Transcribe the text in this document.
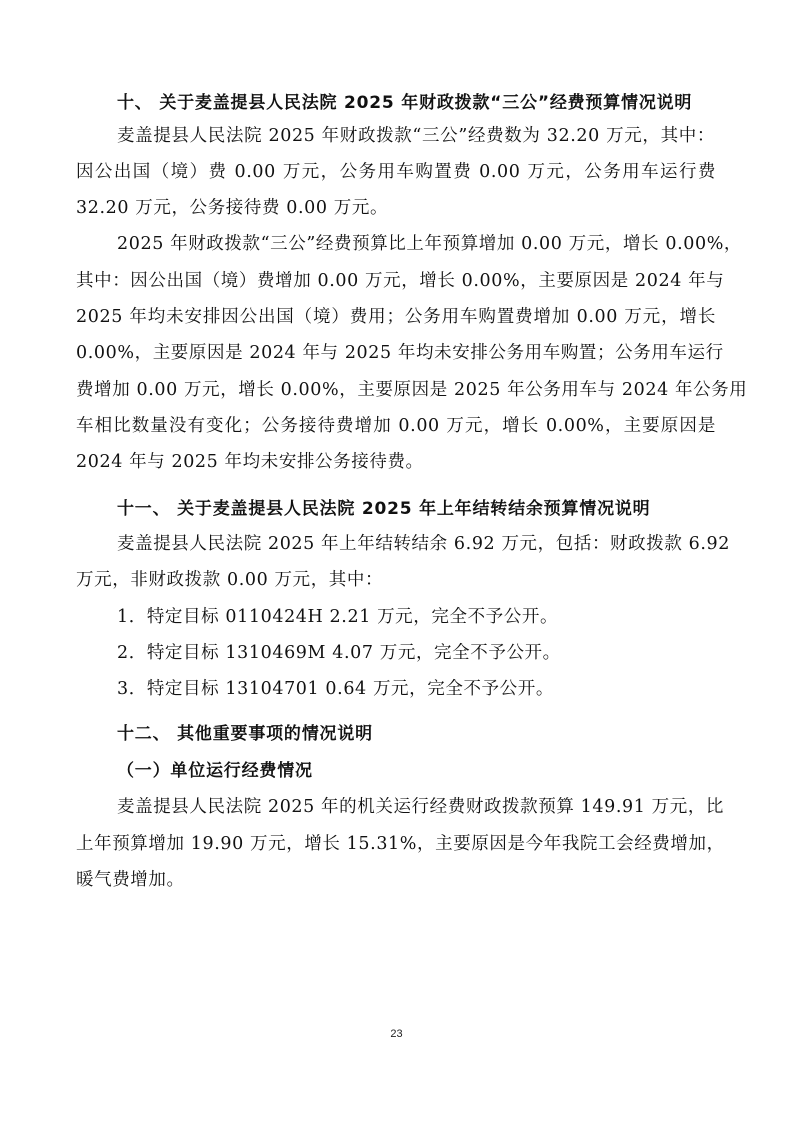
十、 关于麦盖提县人民法院 2025 年财政拨款“三公”经费预算情况说明
麦盖提县人民法院 2025 年财政拨款“三公”经费数为 32.20 万元，其中：
因公出国（境）费 0.00 万元，公务用车购置费 0.00 万元，公务用车运行费
32.20 万元，公务接待费 0.00 万元。
2025 年财政拨款“三公”经费预算比上年预算增加 0.00 万元，增长 0.00%，
其中：因公出国（境）费增加 0.00 万元，增长 0.00%，主要原因是 2024 年与
2025 年均未安排因公出国（境）费用；公务用车购置费增加 0.00 万元，增长
0.00%，主要原因是 2024 年与 2025 年均未安排公务用车购置；公务用车运行
费增加 0.00 万元，增长 0.00%，主要原因是 2025 年公务用车与 2024 年公务用
车相比数量没有变化；公务接待费增加 0.00 万元，增长 0.00%，主要原因是
2024 年与 2025 年均未安排公务接待费。
十一、 关于麦盖提县人民法院 2025 年上年结转结余预算情况说明
麦盖提县人民法院 2025 年上年结转结余 6.92 万元，包括：财政拨款 6.92
万元，非财政拨款 0.00 万元，其中：
1．特定目标 0110424H 2.21 万元，完全不予公开。
2．特定目标 1310469M 4.07 万元，完全不予公开。
3．特定目标 13104701 0.64 万元，完全不予公开。
十二、 其他重要事项的情况说明
（一）单位运行经费情况
麦盖提县人民法院 2025 年的机关运行经费财政拨款预算 149.91 万元，比
上年预算增加 19.90 万元，增长 15.31%，主要原因是今年我院工会经费增加，
暖气费增加。
23
